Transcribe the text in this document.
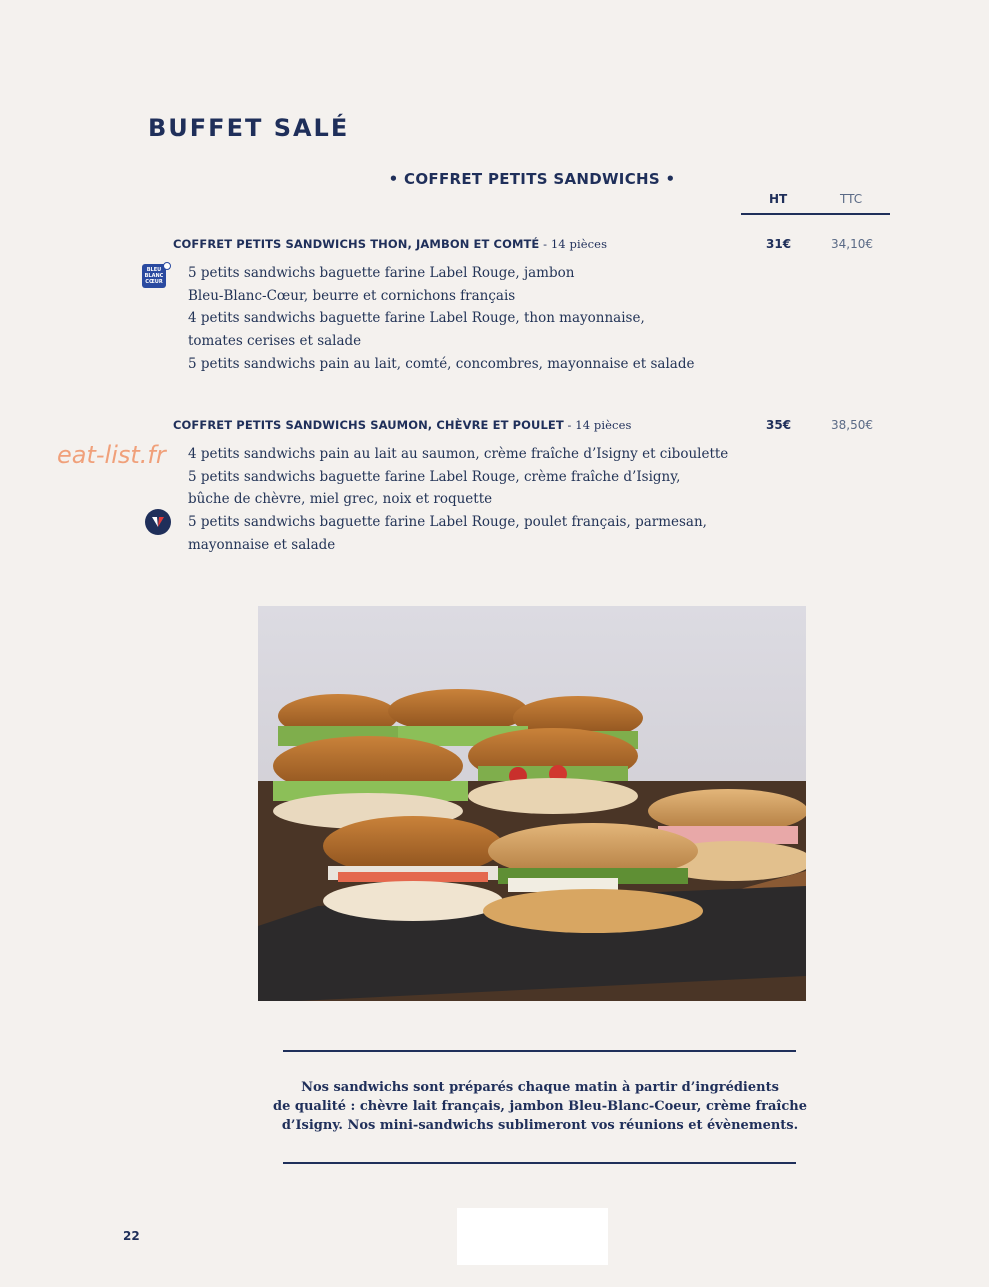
BUFFET SALÉ
• COFFRET PETITS SANDWICHS •
HT	TTC
COFFRET PETITS SANDWICHS THON, JAMBON ET COMTÉ - 14 pièces	31€	34,10€
BLEU
BLANC
CŒUR
5 petits sandwichs baguette farine Label Rouge, jambon
Bleu-Blanc-Cœur, beurre et cornichons français
4 petits sandwichs baguette farine Label Rouge, thon mayonnaise,
tomates cerises et salade
5 petits sandwichs pain au lait, comté, concombres, mayonnaise et salade
COFFRET PETITS SANDWICHS SAUMON, CHÈVRE ET POULET - 14 pièces	35€	38,50€
eat-list.fr 4 petits sandwichs pain au lait au saumon, crème fraîche d’Isigny et ciboulette
5 petits sandwichs baguette farine Label Rouge, crème fraîche d’Isigny,
bûche de chèvre, miel grec, noix et roquette
5 petits sandwichs baguette farine Label Rouge, poulet français, parmesan,
mayonnaise et salade
Nos sandwichs sont préparés chaque matin à partir d’ingrédients
de qualité : chèvre lait français, jambon Bleu-Blanc-Coeur, crème fraîche
d’Isigny. Nos mini-sandwichs sublimeront vos réunions et évènements.
22
